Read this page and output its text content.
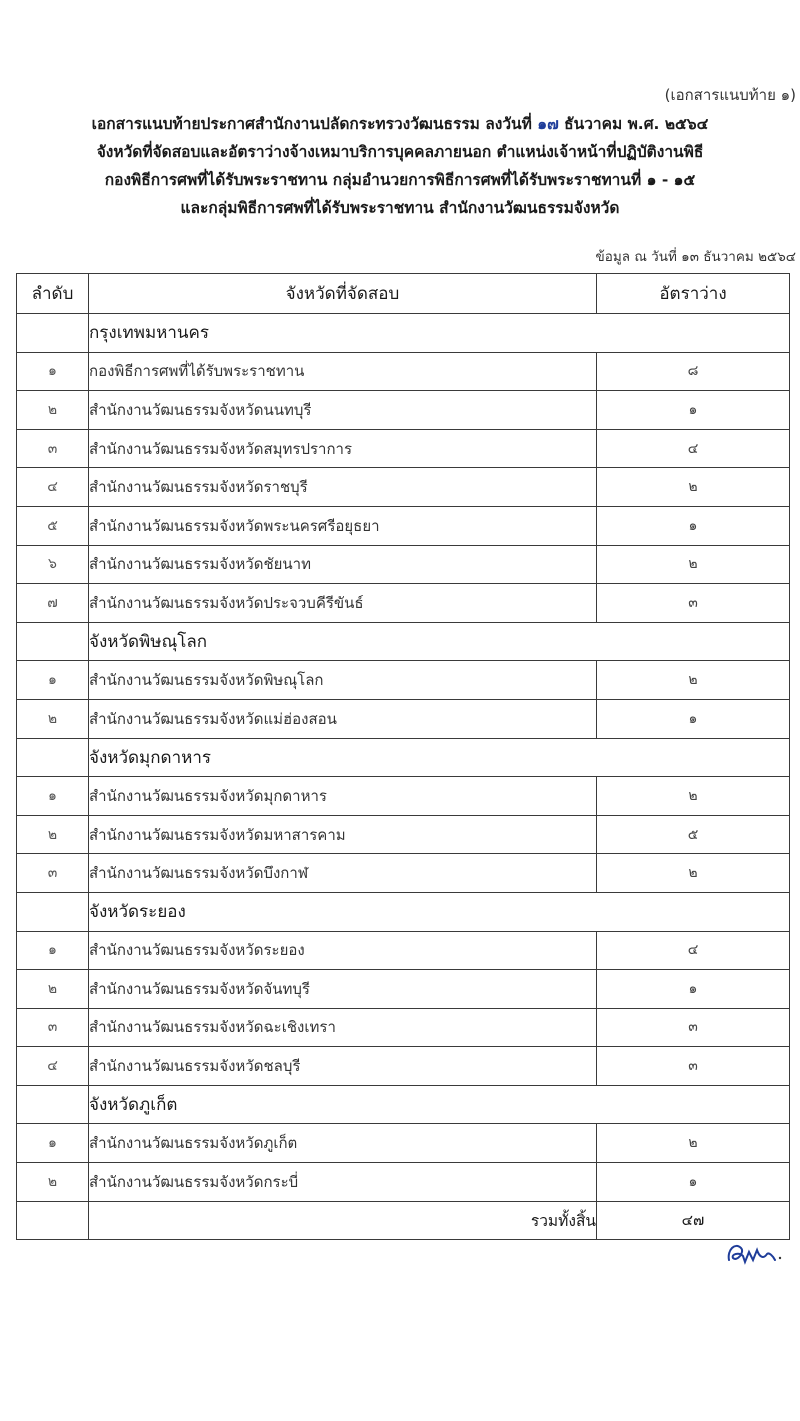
(เอกสารแนบท้าย ๑)
เอกสารแนบท้ายประกาศสำนักงานปลัดกระทรวงวัฒนธรรม ลงวันที่ ๑๗ ธันวาคม พ.ศ. ๒๕๖๔
จังหวัดที่จัดสอบและอัตราว่างจ้างเหมาบริการบุคคลภายนอก ตำแหน่งเจ้าหน้าที่ปฏิบัติงานพิธี
กองพิธีการศพที่ได้รับพระราชทาน กลุ่มอำนวยการพิธีการศพที่ได้รับพระราชทานที่ ๑ - ๑๕
และกลุ่มพิธีการศพที่ได้รับพระราชทาน สำนักงานวัฒนธรรมจังหวัด
ข้อมูล ณ วันที่ ๑๓ ธันวาคม ๒๕๖๔
ลำดับ	จังหวัดที่จัดสอบ	อัตราว่าง
	กรุงเทพมหานคร	
๑	กองพิธีการศพที่ได้รับพระราชทาน	๘
๒	สำนักงานวัฒนธรรมจังหวัดนนทบุรี	๑
๓	สำนักงานวัฒนธรรมจังหวัดสมุทรปราการ	๔
๔	สำนักงานวัฒนธรรมจังหวัดราชบุรี	๒
๕	สำนักงานวัฒนธรรมจังหวัดพระนครศรีอยุธยา	๑
๖	สำนักงานวัฒนธรรมจังหวัดชัยนาท	๒
๗	สำนักงานวัฒนธรรมจังหวัดประจวบคีรีขันธ์	๓
	จังหวัดพิษณุโลก	
๑	สำนักงานวัฒนธรรมจังหวัดพิษณุโลก	๒
๒	สำนักงานวัฒนธรรมจังหวัดแม่ฮ่องสอน	๑
	จังหวัดมุกดาหาร	
๑	สำนักงานวัฒนธรรมจังหวัดมุกดาหาร	๒
๒	สำนักงานวัฒนธรรมจังหวัดมหาสารคาม	๕
๓	สำนักงานวัฒนธรรมจังหวัดบึงกาฬ	๒
	จังหวัดระยอง	
๑	สำนักงานวัฒนธรรมจังหวัดระยอง	๔
๒	สำนักงานวัฒนธรรมจังหวัดจันทบุรี	๑
๓	สำนักงานวัฒนธรรมจังหวัดฉะเชิงเทรา	๓
๔	สำนักงานวัฒนธรรมจังหวัดชลบุรี	๓
	จังหวัดภูเก็ต	
๑	สำนักงานวัฒนธรรมจังหวัดภูเก็ต	๒
๒	สำนักงานวัฒนธรรมจังหวัดกระบี่	๑
	รวมทั้งสิ้น	๔๗
